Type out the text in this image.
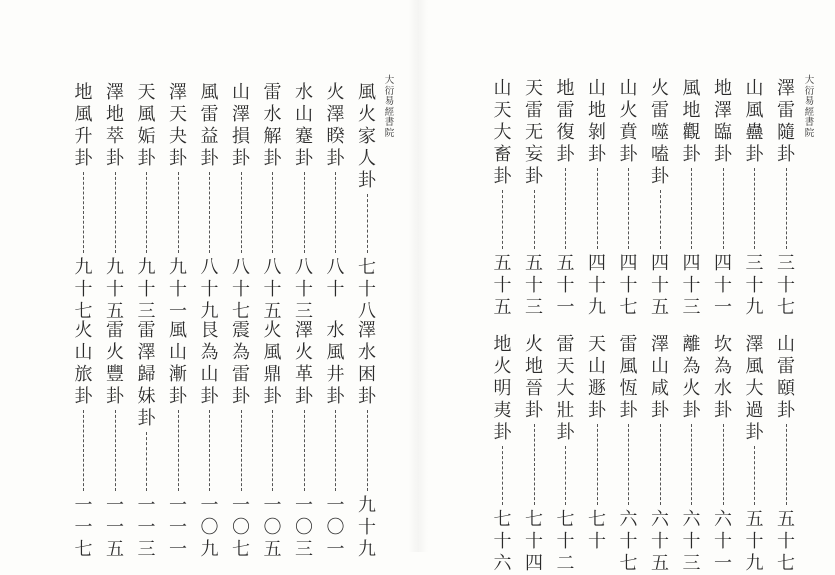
大衍易經書院
風火家人卦
七十八
火澤睽卦
八十
水山蹇卦
八十三
雷水解卦
八十五
山澤損卦
八十七
風雷益卦
八十九
澤天夬卦
九十一
天風姤卦
九十三
澤地萃卦
九十五
地風升卦
九十七
澤水困卦
九十九
水風井卦
一〇一
澤火革卦
一〇三
火風鼎卦
一〇五
震為雷卦
一〇七
艮為山卦
一〇九
風山漸卦
一一一
雷澤歸妹卦
一一三
雷火豐卦
一一五
火山旅卦
一一七
大衍易經書院
澤雷隨卦
三十七
山風蠱卦
三十九
地澤臨卦
四十一
風地觀卦
四十三
火雷噬嗑卦
四十五
山火賁卦
四十七
山地剝卦
四十九
地雷復卦
五十一
天雷无妄卦
五十三
山天大畜卦
五十五
山雷頤卦
五十七
澤風大過卦
五十九
坎為水卦
六十一
離為火卦
六十三
澤山咸卦
六十五
雷風恆卦
六十七
天山遯卦
七十
雷天大壯卦
七十二
火地晉卦
七十四
地火明夷卦
七十六
